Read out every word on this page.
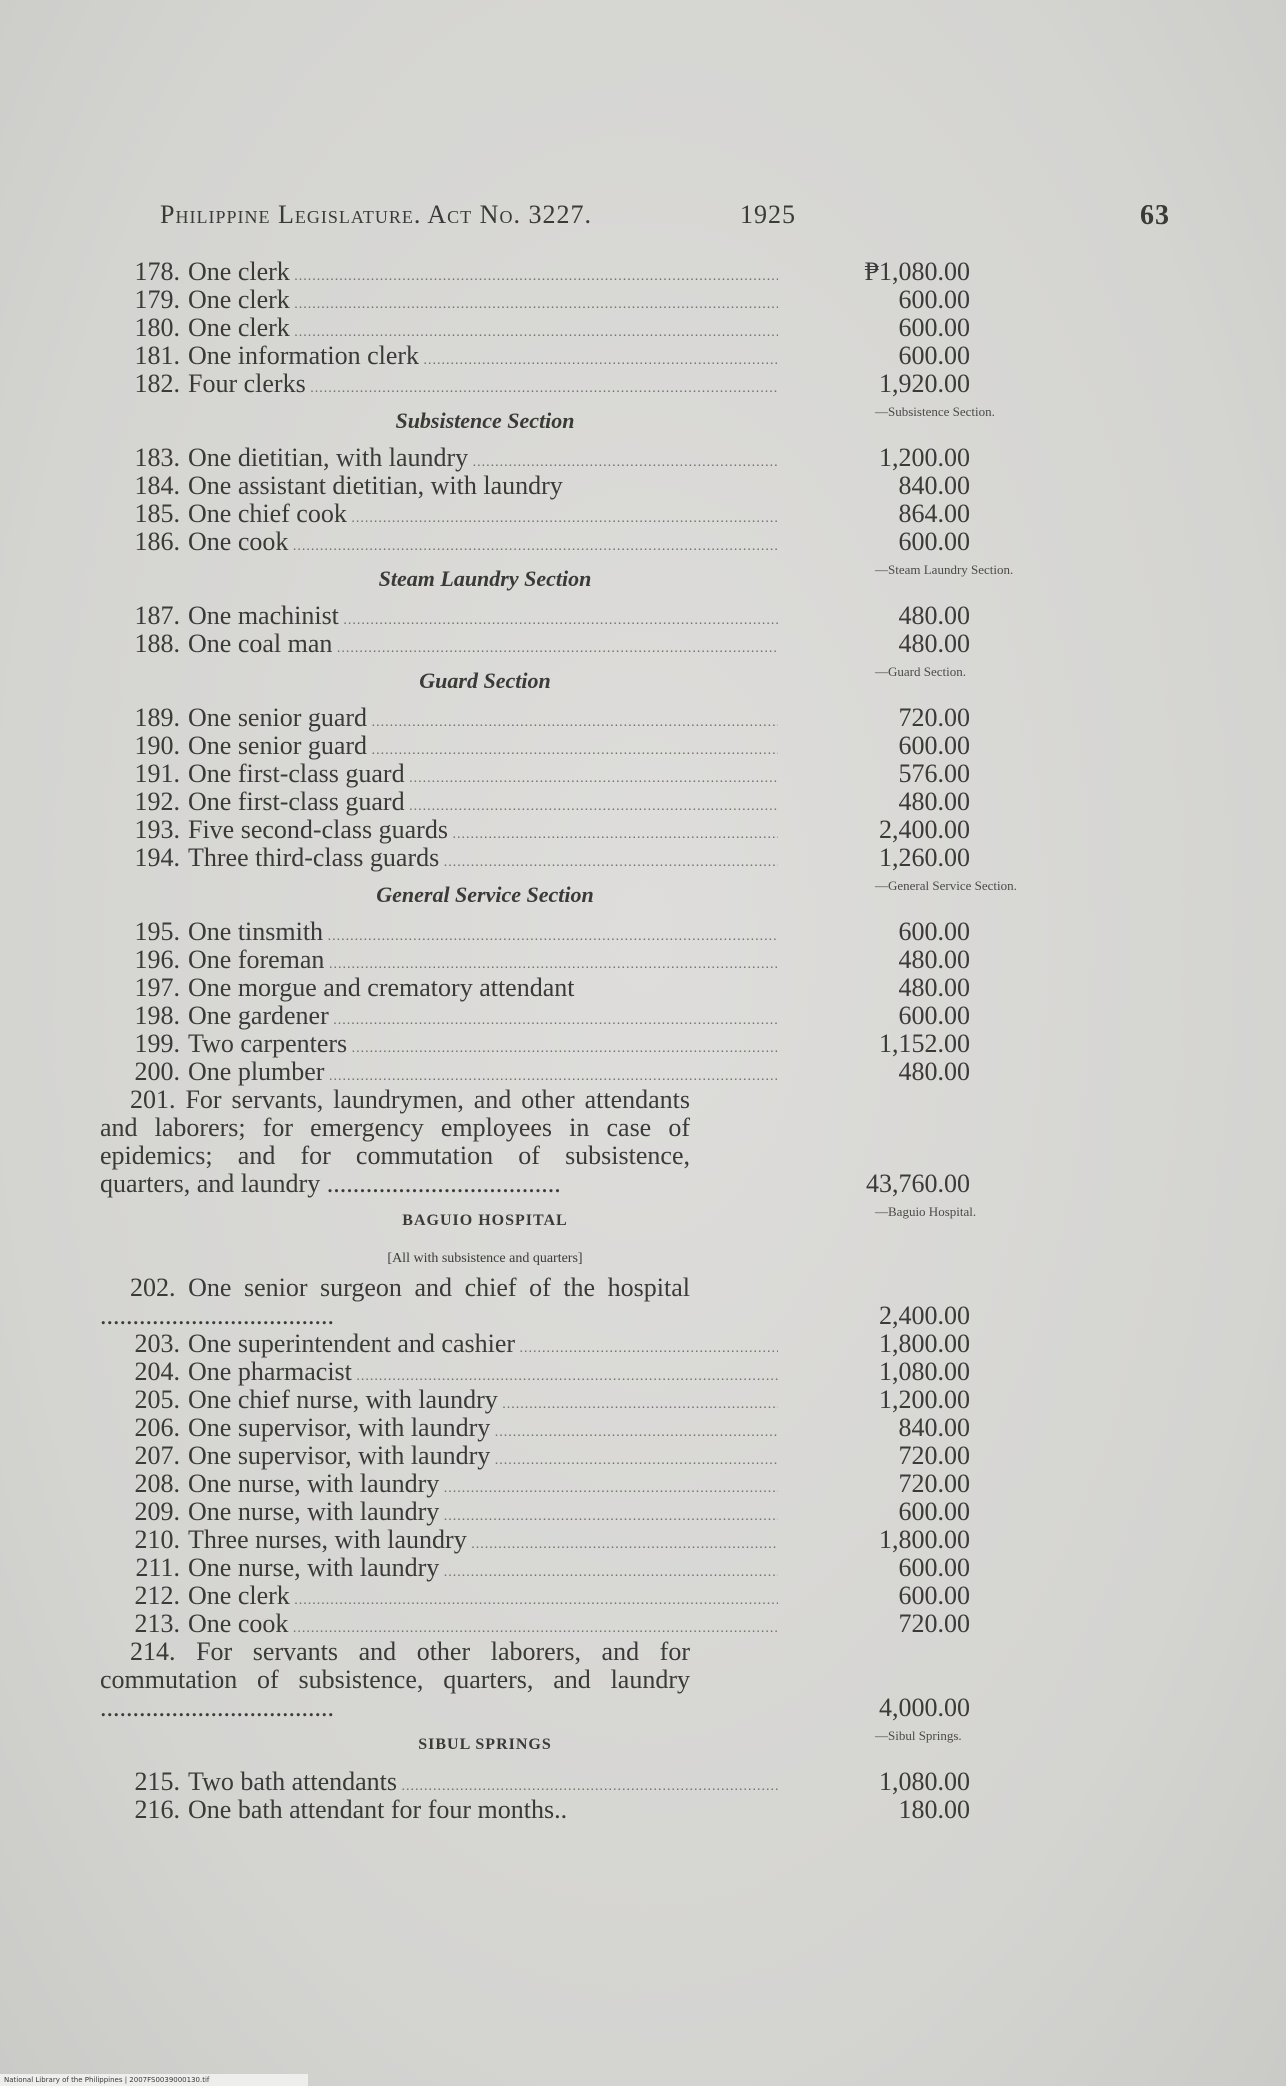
Philippine Legislature. Act No. 3227.	1925	63
178. One clerk .....	₱1,080.00
179. One clerk .....	600.00
180. One clerk .....	600.00
181. One information clerk .....	600.00
182. Four clerks .....	1,920.00
Subsistence Section	—Subsistence Section.
183. One dietitian, with laundry .....	1,200.00
184. One assistant dietitian, with laundry	840.00
185. One chief cook .....	864.00
186. One cook .....	600.00
Steam Laundry Section	—Steam Laundry Section.
187. One machinist .....	480.00
188. One coal man .....	480.00
Guard Section	—Guard Section.
189. One senior guard .....	720.00
190. One senior guard .....	600.00
191. One first-class guard .....	576.00
192. One first-class guard .....	480.00
193. Five second-class guards .....	2,400.00
194. Three third-class guards .....	1,260.00
General Service Section	—General Service Section.
195. One tinsmith .....	600.00
196. One foreman .....	480.00
197. One morgue and crematory attendant	480.00
198. One gardener .....	600.00
199. Two carpenters .....	1,152.00
200. One plumber .....	480.00
201. For servants, laundrymen, and other attendants and laborers; for emergency employees in case of epidemics; and for commutation of subsistence, quarters, and laundry ....................................	43,760.00
BAGUIO HOSPITAL
—Baguio Hospital.
[All with subsistence and quarters]
202. One senior surgeon and chief of the hospital ....................................	2,400.00
203. One superintendent and cashier .....	1,800.00
204. One pharmacist .....	1,080.00
205. One chief nurse, with laundry .....	1,200.00
206. One supervisor, with laundry .....	840.00
207. One supervisor, with laundry .....	720.00
208. One nurse, with laundry .....	720.00
209. One nurse, with laundry .....	600.00
210. Three nurses, with laundry .....	1,800.00
211. One nurse, with laundry .....	600.00
212. One clerk .....	600.00
213. One cook .....	720.00
214. For servants and other laborers, and for commutation of subsistence, quarters, and laundry ....................................	4,000.00
SIBUL SPRINGS
—Sibul Springs.
215. Two bath attendants .....	1,080.00
216. One bath attendant for four months..	180.00
National Library of the Philippines | 2007FS0039000130.tif
